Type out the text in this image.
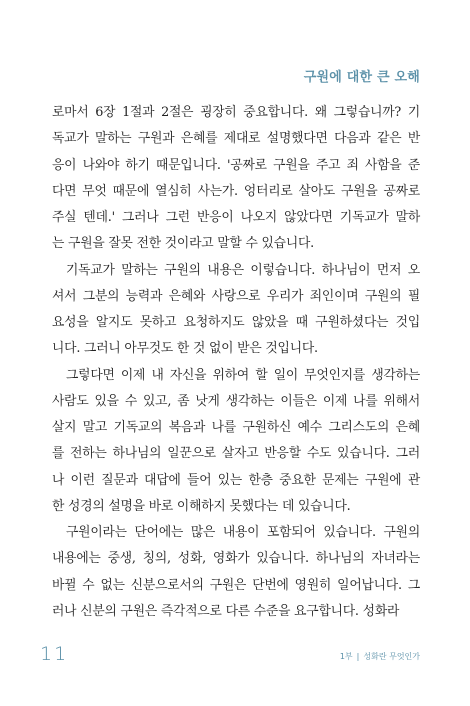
구원에 대한 큰 오해
로마서 6장 1절과 2절은 굉장히 중요합니다. 왜 그렇습니까? 기
독교가 말하는 구원과 은혜를 제대로 설명했다면 다음과 같은 반
응이 나와야 하기 때문입니다. '공짜로 구원을 주고 죄 사함을 준
다면 무엇 때문에 열심히 사는가. 엉터리로 살아도 구원을 공짜로
주실 텐데.' 그러나 그런 반응이 나오지 않았다면 기독교가 말하
는 구원을 잘못 전한 것이라고 말할 수 있습니다.
기독교가 말하는 구원의 내용은 이렇습니다. 하나님이 먼저 오
셔서 그분의 능력과 은혜와 사랑으로 우리가 죄인이며 구원의 필
요성을 알지도 못하고 요청하지도 않았을 때 구원하셨다는 것입
니다. 그러니 아무것도 한 것 없이 받은 것입니다.
그렇다면 이제 내 자신을 위하여 할 일이 무엇인지를 생각하는
사람도 있을 수 있고, 좀 낫게 생각하는 이들은 이제 나를 위해서
살지 말고 기독교의 복음과 나를 구원하신 예수 그리스도의 은혜
를 전하는 하나님의 일꾼으로 살자고 반응할 수도 있습니다. 그러
나 이런 질문과 대답에 들어 있는 한층 중요한 문제는 구원에 관
한 성경의 설명을 바로 이해하지 못했다는 데 있습니다.
구원이라는 단어에는 많은 내용이 포함되어 있습니다. 구원의
내용에는 중생, 칭의, 성화, 영화가 있습니다. 하나님의 자녀라는
바뀔 수 없는 신분으로서의 구원은 단번에 영원히 일어납니다. 그
러나 신분의 구원은 즉각적으로 다른 수준을 요구합니다. 성화라
11	1부 | 성화란 무엇인가
